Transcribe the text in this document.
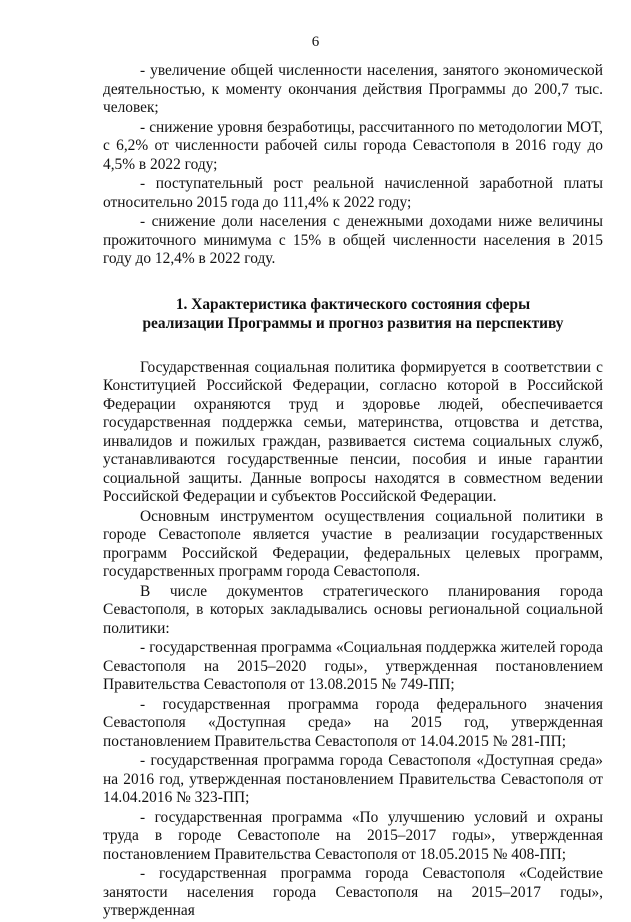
6

- увеличение общей численности населения, занятого экономической деятельностью, к моменту окончания действия Программы до 200,7 тыс. человек;

- снижение уровня безработицы, рассчитанного по методологии МОТ, с 6,2% от численности рабочей силы города Севастополя в 2016 году до 4,5% в 2022 году;

- поступательный рост реальной начисленной заработной платы относительно 2015 года до 111,4% к 2022 году;

- снижение доли населения с денежными доходами ниже величины прожиточного минимума с 15% в общей численности населения в 2015 году до 12,4% в 2022 году.

1. Характеристика фактического состояния сферы
реализации Программы и прогноз развития на перспективу

Государственная социальная политика формируется в соответствии с Конституцией Российской Федерации, согласно которой в Российской Федерации охраняются труд и здоровье людей, обеспечивается государственная поддержка семьи, материнства, отцовства и детства, инвалидов и пожилых граждан, развивается система социальных служб, устанавливаются государственные пенсии, пособия и иные гарантии социальной защиты. Данные вопросы находятся в совместном ведении Российской Федерации и субъектов Российской Федерации.

Основным инструментом осуществления социальной политики в городе Севастополе является участие в реализации государственных программ Российской Федерации, федеральных целевых программ, государственных программ города Севастополя.

В числе документов стратегического планирования города Севастополя, в которых закладывались основы региональной социальной политики:

- государственная программа «Социальная поддержка жителей города Севастополя на 2015–2020 годы», утвержденная постановлением Правительства Севастополя от 13.08.2015 № 749-ПП;

- государственная программа города федерального значения Севастополя «Доступная среда» на 2015 год, утвержденная постановлением Правительства Севастополя от 14.04.2015 № 281-ПП;

- государственная программа города Севастополя «Доступная среда» на 2016 год, утвержденная постановлением Правительства Севастополя от 14.04.2016 № 323-ПП;

- государственная программа «По улучшению условий и охраны труда в городе Севастополе на 2015–2017 годы», утвержденная постановлением Правительства Севастополя от 18.05.2015 № 408-ПП;

- государственная программа города Севастополя «Содействие занятости населения города Севастополя на 2015–2017 годы», утвержденная
